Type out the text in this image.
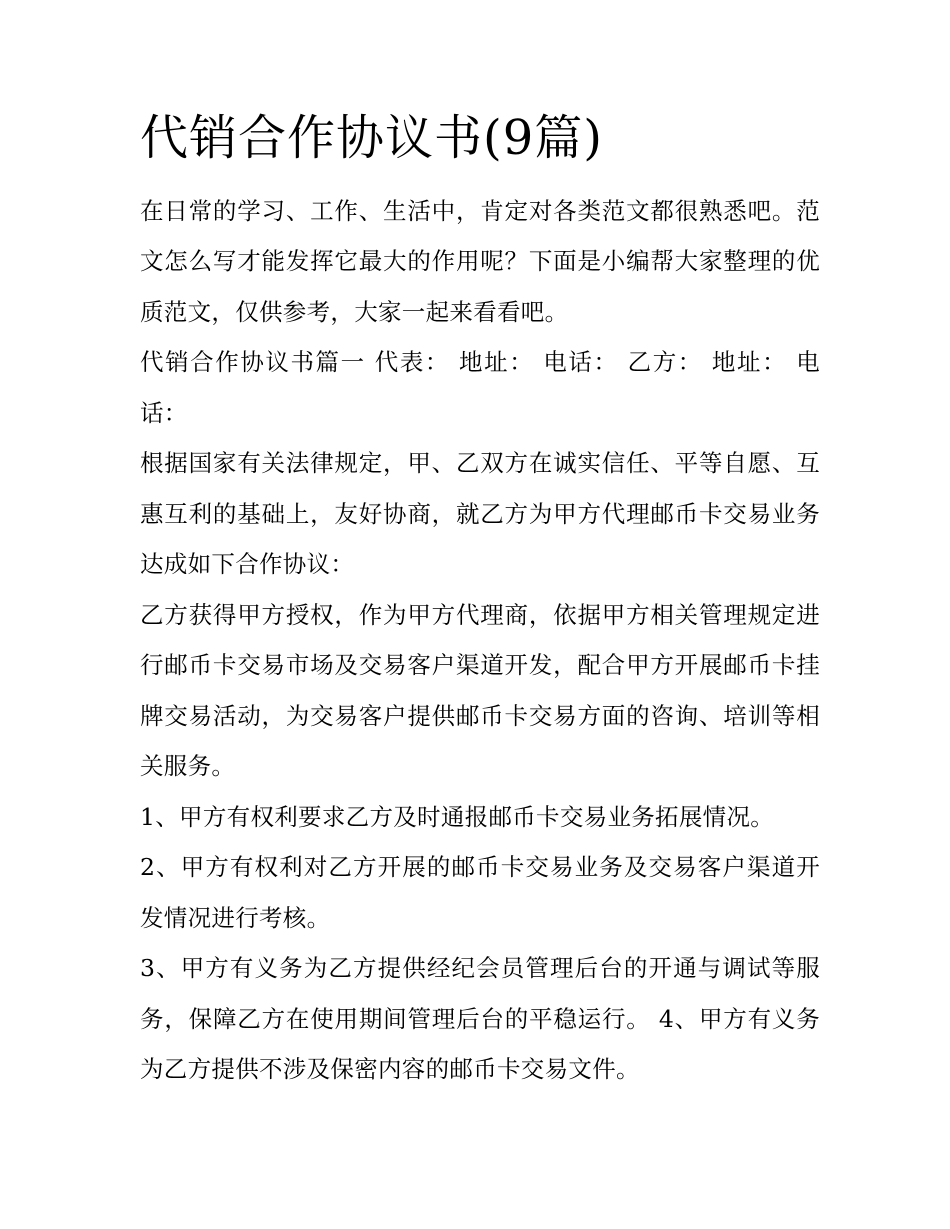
代销合作协议书(9篇)

在日常的学习、工作、生活中，肯定对各类范文都很熟悉吧。范文怎么写才能发挥它最大的作用呢？下面是小编帮大家整理的优质范文，仅供参考，大家一起来看看吧。

代销合作协议书篇一 代表： 地址： 电话： 乙方： 地址： 电话：

根据国家有关法律规定，甲、乙双方在诚实信任、平等自愿、互惠互利的基础上，友好协商，就乙方为甲方代理邮币卡交易业务达成如下合作协议：

乙方获得甲方授权，作为甲方代理商，依据甲方相关管理规定进行邮币卡交易市场及交易客户渠道开发，配合甲方开展邮币卡挂牌交易活动，为交易客户提供邮币卡交易方面的咨询、培训等相关服务。

1、甲方有权利要求乙方及时通报邮币卡交易业务拓展情况。

2、甲方有权利对乙方开展的邮币卡交易业务及交易客户渠道开发情况进行考核。

3、甲方有义务为乙方提供经纪会员管理后台的开通与调试等服务，保障乙方在使用期间管理后台的平稳运行。 4、甲方有义务为乙方提供不涉及保密内容的邮币卡交易文件。
